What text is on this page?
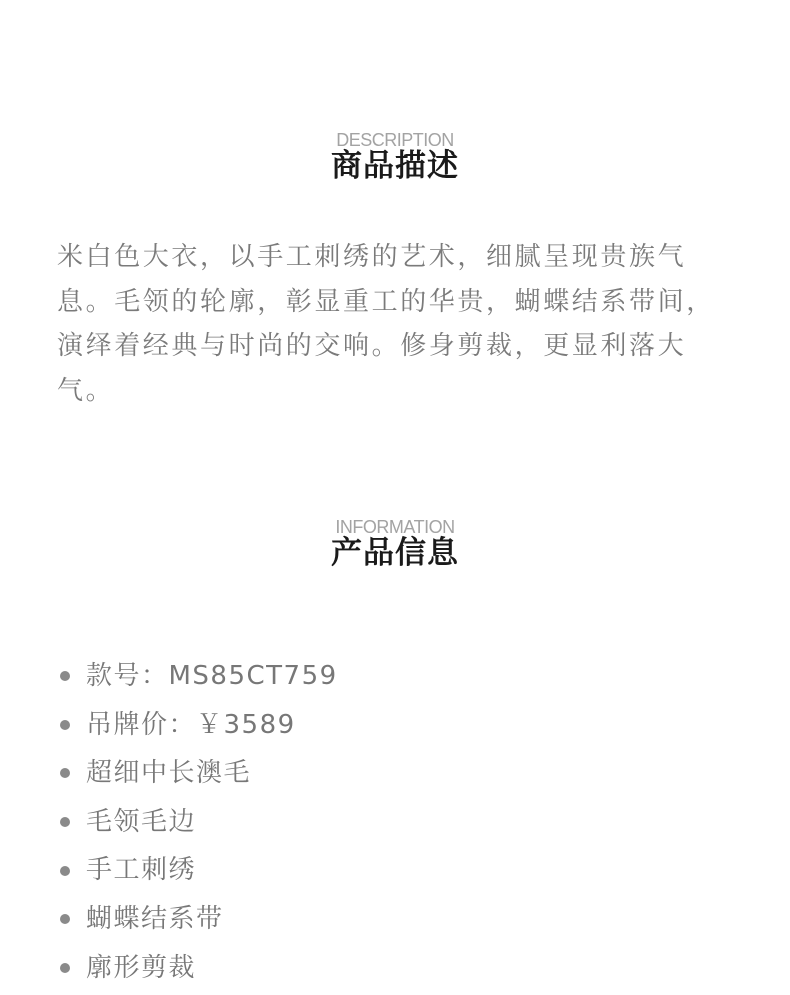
DESCRIPTION
商品描述

米白色大衣，以手工刺绣的艺术，细腻呈现贵族气息。毛领的轮廓，彰显重工的华贵，蝴蝶结系带间，演绎着经典与时尚的交响。修身剪裁，更显利落大气。

INFORMATION
产品信息
款号：MS85CT759
吊牌价：￥3589
超细中长澳毛
毛领毛边
手工刺绣
蝴蝶结系带
廓形剪裁
